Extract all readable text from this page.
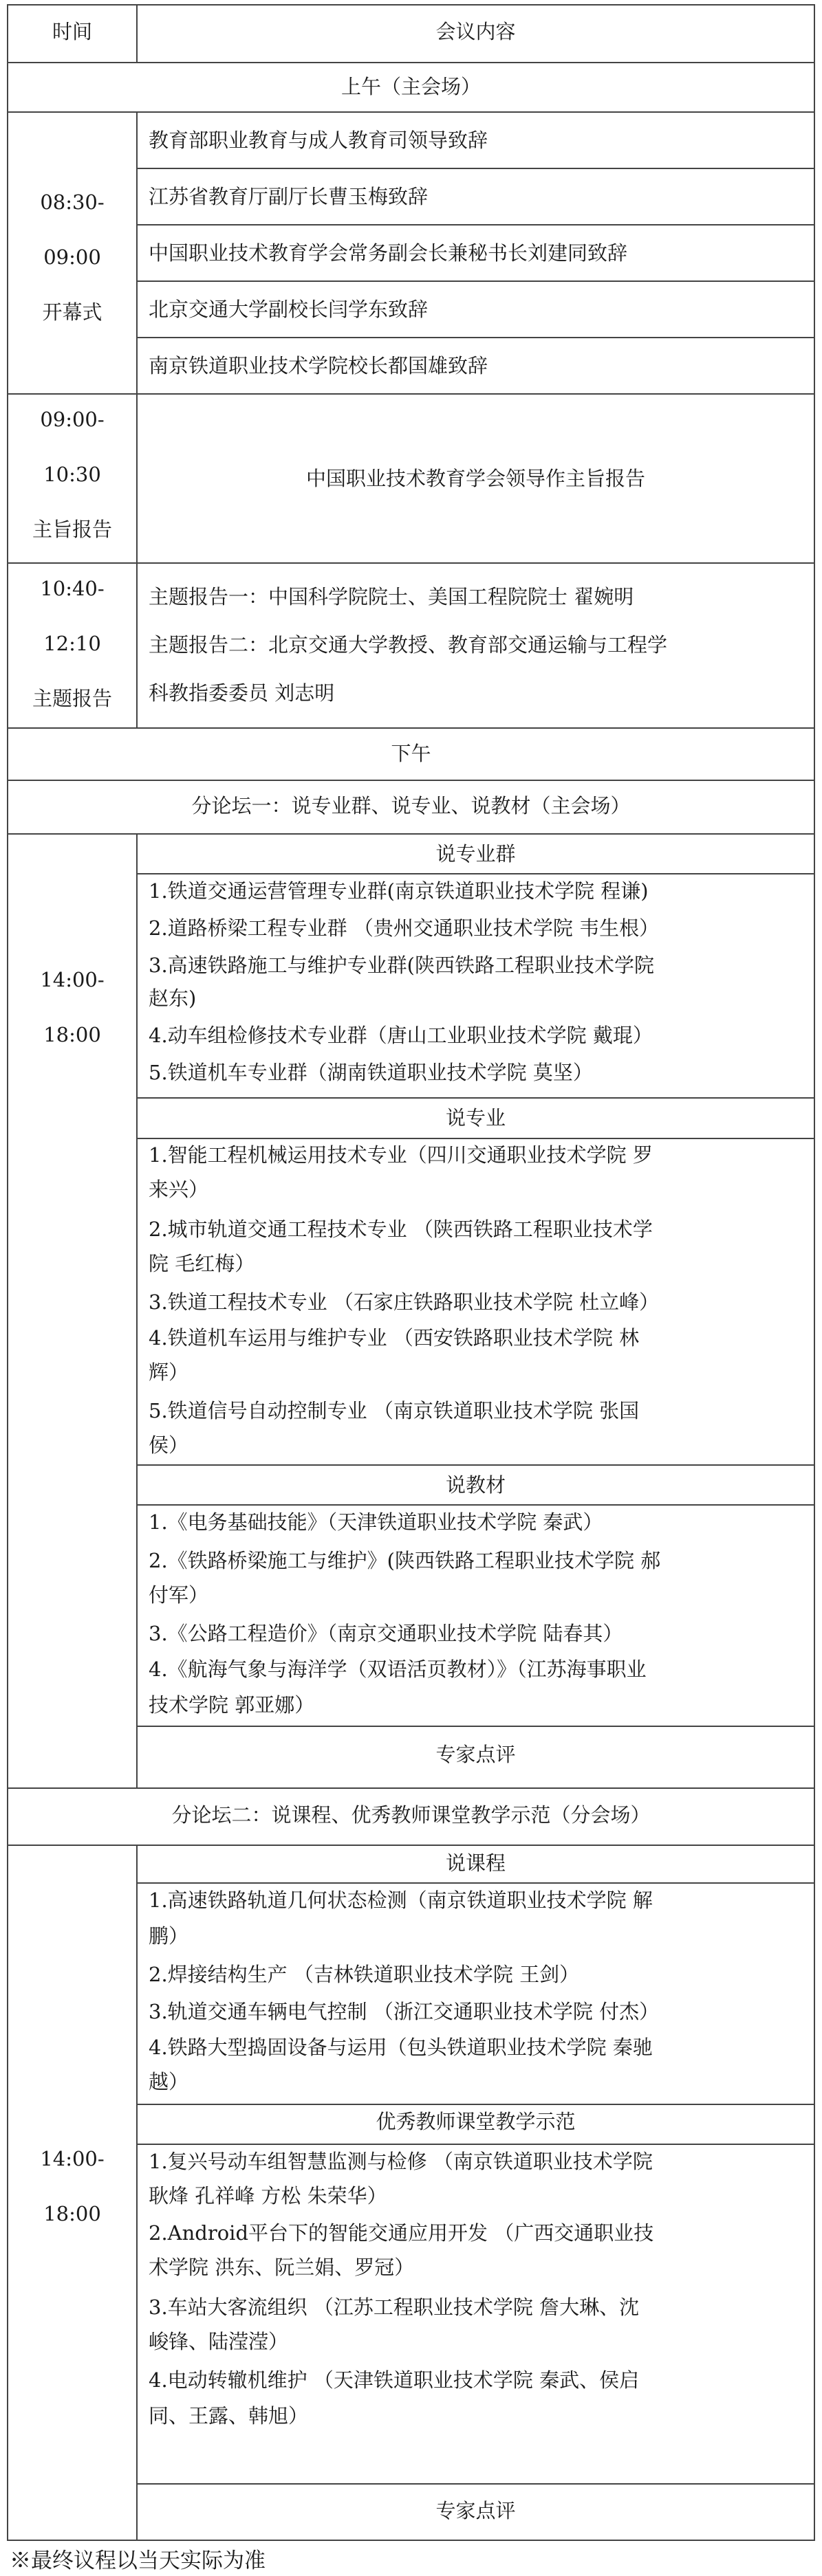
时间	会议内容
上午（主会场）
08:30-
09:00
开幕式
教育部职业教育与成人教育司领导致辞
江苏省教育厅副厅长曹玉梅致辞
中国职业技术教育学会常务副会长兼秘书长刘建同致辞
北京交通大学副校长闫学东致辞
南京铁道职业技术学院校长都国雄致辞
09:00-
10:30
主旨报告
中国职业技术教育学会领导作主旨报告
10:40-
12:10
主题报告
主题报告一：中国科学院院士、美国工程院院士 翟婉明
主题报告二：北京交通大学教授、教育部交通运输与工程学
科教指委委员 刘志明
下午
分论坛一：说专业群、说专业、说教材（主会场）
14:00-
18:00
说专业群
1.铁道交通运营管理专业群(南京铁道职业技术学院 程谦)
2.道路桥梁工程专业群 （贵州交通职业技术学院 韦生根）
3.高速铁路施工与维护专业群(陕西铁路工程职业技术学院
赵东)
4.动车组检修技术专业群（唐山工业职业技术学院 戴琨）
5.铁道机车专业群（湖南铁道职业技术学院 莫坚）
说专业
1.智能工程机械运用技术专业（四川交通职业技术学院 罗
来兴）
2.城市轨道交通工程技术专业 （陕西铁路工程职业技术学
院 毛红梅）
3.铁道工程技术专业 （石家庄铁路职业技术学院 杜立峰）
4.铁道机车运用与维护专业 （西安铁路职业技术学院 林
辉）
5.铁道信号自动控制专业 （南京铁道职业技术学院 张国
侯）
说教材
1.《电务基础技能》（天津铁道职业技术学院 秦武）
2.《铁路桥梁施工与维护》(陕西铁路工程职业技术学院 郝
付军）
3.《公路工程造价》（南京交通职业技术学院 陆春其）
4.《航海气象与海洋学（双语活页教材）》（江苏海事职业
技术学院 郭亚娜）
专家点评
分论坛二：说课程、优秀教师课堂教学示范（分会场）
14:00-
18:00
说课程
1.高速铁路轨道几何状态检测（南京铁道职业技术学院 解
鹏）
2.焊接结构生产 （吉林铁道职业技术学院 王剑）
3.轨道交通车辆电气控制 （浙江交通职业技术学院 付杰）
4.铁路大型捣固设备与运用（包头铁道职业技术学院 秦驰
越）
优秀教师课堂教学示范
1.复兴号动车组智慧监测与检修 （南京铁道职业技术学院
耿烽 孔祥峰 方松 朱荣华）
2.Android平台下的智能交通应用开发 （广西交通职业技
术学院 洪东、阮兰娟、罗冠）
3.车站大客流组织 （江苏工程职业技术学院 詹大琳、沈
峻锋、陆滢滢）
4.电动转辙机维护 （天津铁道职业技术学院 秦武、侯启
同、王露、韩旭）
专家点评
※最终议程以当天实际为准
